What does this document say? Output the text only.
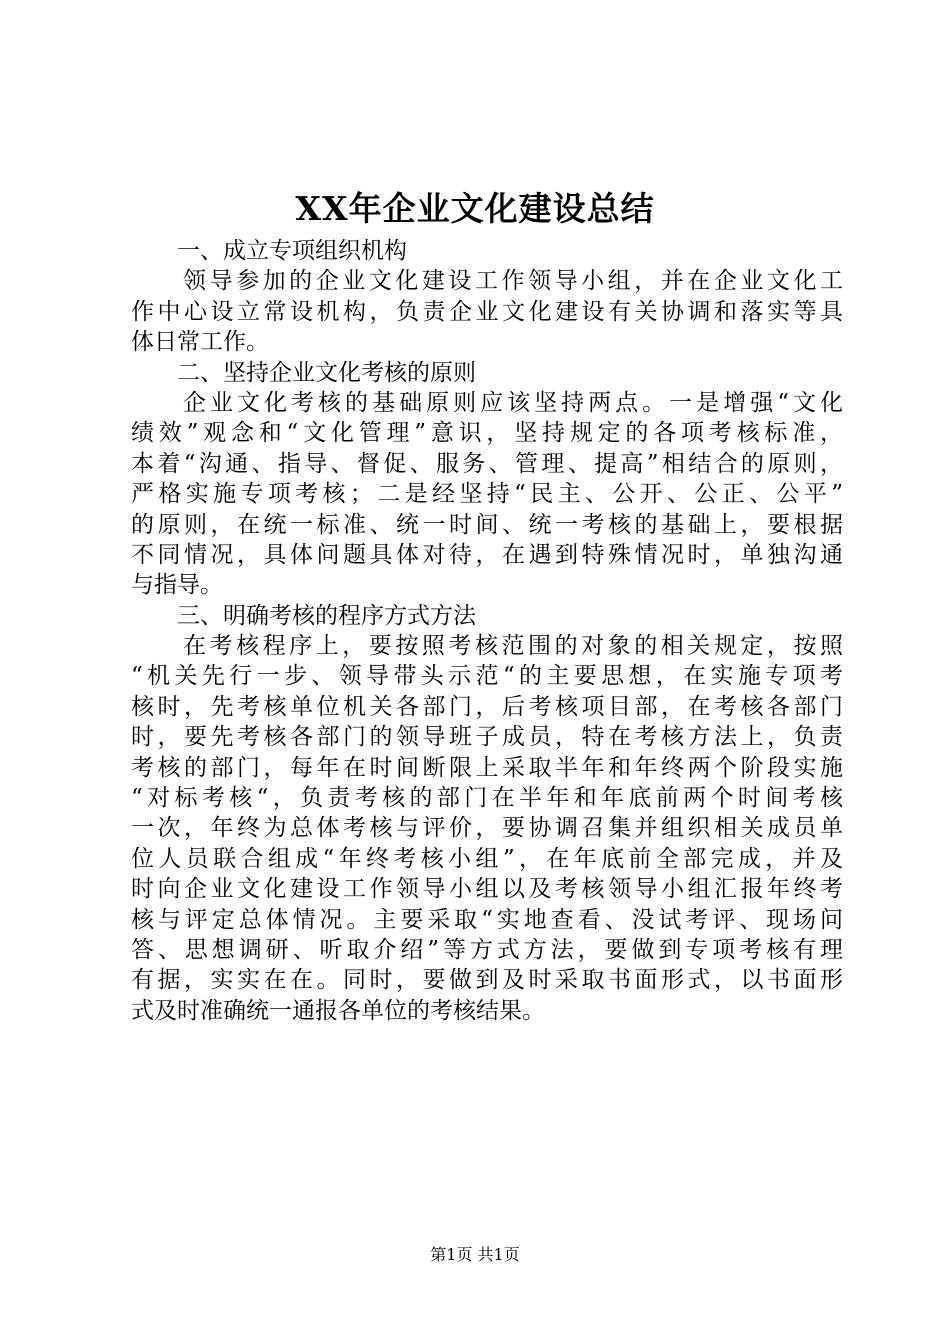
XX年企业文化建设总结
一、成立专项组织机构
领导参加的企业文化建设工作领导小组，并在企业文化工
作中心设立常设机构，负责企业文化建设有关协调和落实等具
体日常工作。
二、坚持企业文化考核的原则
企业文化考核的基础原则应该坚持两点。一是增强“文化
绩效”观念和“文化管理”意识，坚持规定的各项考核标准，
本着“沟通、指导、督促、服务、管理、提高”相结合的原则，
严格实施专项考核；二是经坚持“民主、公开、公正、公平”
的原则，在统一标准、统一时间、统一考核的基础上，要根据
不同情况，具体问题具体对待，在遇到特殊情况时，单独沟通
与指导。
三、明确考核的程序方式方法
在考核程序上，要按照考核范围的对象的相关规定，按照
“机关先行一步、领导带头示范“的主要思想，在实施专项考
核时，先考核单位机关各部门，后考核项目部，在考核各部门
时，要先考核各部门的领导班子成员，特在考核方法上，负责
考核的部门，每年在时间断限上采取半年和年终两个阶段实施
“对标考核“，负责考核的部门在半年和年底前两个时间考核
一次，年终为总体考核与评价，要协调召集并组织相关成员单
位人员联合组成“年终考核小组”，在年底前全部完成，并及
时向企业文化建设工作领导小组以及考核领导小组汇报年终考
核与评定总体情况。主要采取“实地查看、没试考评、现场问
答、思想调研、听取介绍”等方式方法，要做到专项考核有理
有据，实实在在。同时，要做到及时采取书面形式，以书面形
式及时准确统一通报各单位的考核结果。
第1页 共1页
